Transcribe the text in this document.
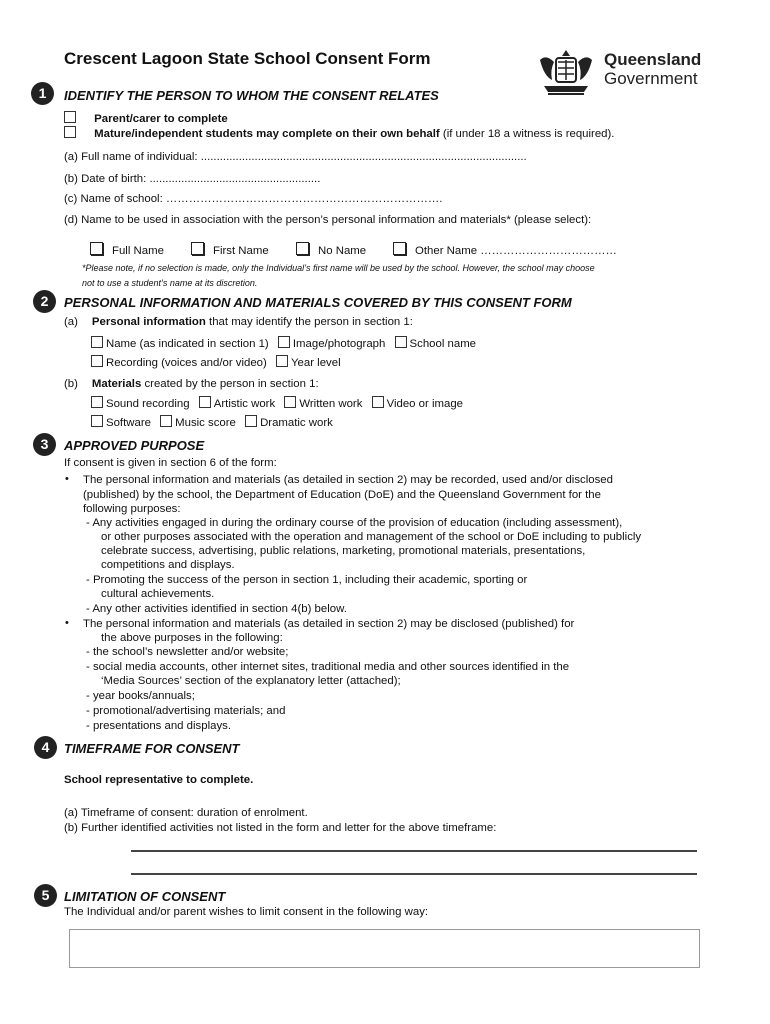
Crescent Lagoon State School Consent Form	Queensland
Government
1	IDENTIFY THE PERSON TO WHOM THE CONSENT RELATES
Parent/carer to complete
Mature/independent students may complete on their own behalf (if under 18 a witness is required).
(a) Full name of individual: .......................................................................................................
(b) Date of birth: ......................................................
(c) Name of school: ……………………………………………………………….
(d) Name to be used in association with the person’s personal information and materials* (please select):
Full Name	First Name	No Name	Other Name ………………………………
*Please note, if no selection is made, only the Individual’s first name will be used by the school. However, the school may choose
not to use a student’s name at its discretion.
2	PERSONAL INFORMATION AND MATERIALS COVERED BY THIS CONSENT FORM
(a) Personal information that may identify the person in section 1:
Name (as indicated in section 1) Image/photograph School name
Recording (voices and/or video) Year level
(b) Materials created by the person in section 1:
Sound recording Artistic work Written work Video or image
Software Music score Dramatic work
3	APPROVED PURPOSE
If consent is given in section 6 of the form:
• The personal information and materials (as detailed in section 2) may be recorded, used and/or disclosed
(published) by the school, the Department of Education (DoE) and the Queensland Government for the
following purposes:
- Any activities engaged in during the ordinary course of the provision of education (including assessment),
or other purposes associated with the operation and management of the school or DoE including to publicly
celebrate success, advertising, public relations, marketing, promotional materials, presentations,
competitions and displays.
- Promoting the success of the person in section 1, including their academic, sporting or
cultural achievements.
- Any other activities identified in section 4(b) below.
• The personal information and materials (as detailed in section 2) may be disclosed (published) for
the above purposes in the following:
- the school’s newsletter and/or website;
- social media accounts, other internet sites, traditional media and other sources identified in the
‘Media Sources’ section of the explanatory letter (attached);
- year books/annuals;
- promotional/advertising materials; and
- presentations and displays.
4	TIMEFRAME FOR CONSENT
School representative to complete.
(a) Timeframe of consent: duration of enrolment.
(b) Further identified activities not listed in the form and letter for the above timeframe:
5	LIMITATION OF CONSENT
The Individual and/or parent wishes to limit consent in the following way:
